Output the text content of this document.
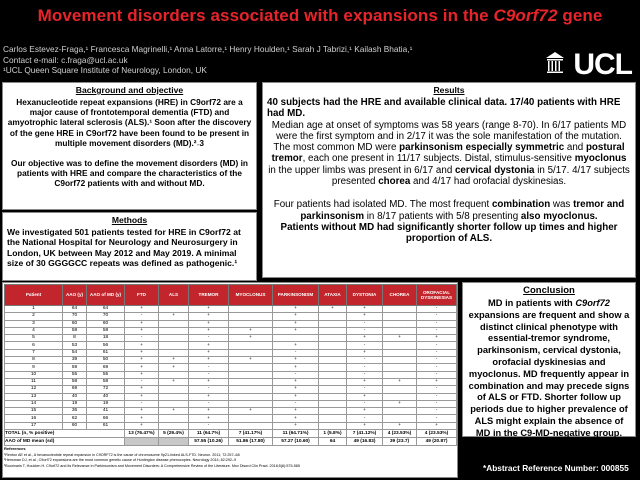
Movement disorders associated with expansions in the C9orf72 gene
Carlos Estevez-Fraga,¹ Francesca Magrinelli,¹ Anna Latorre,¹ Henry Houlden,¹ Sarah J Tabrizi,¹ Kailash Bhatia,¹
Contact e-mail: c.fraga@ucl.ac.uk
¹UCL Queen Square Institute of Neurology, London, UK	UCL
Background and objective

Hexanucleotide repeat expansions (HRE) in C9orf72 are a major cause of frontotemporal dementia (FTD) and amyotrophic lateral sclerosis (ALS).¹ Soon after the discovery of the gene HRE in C9orf72 have been found to be present in multiple movement disorders (MD).²˒3

Our objective was to define the movement disorders (MD) in patients with HRE and compare the characteristics of the C9orf72 patients with and without MD.

Methods

We investigated 501 patients tested for HRE in C9orf72 at the National Hospital for Neurology and Neurosurgery in London, UK between May 2012 and May 2019. A minimal size of 30 GGGGCC repeats was defined as pathogenic.¹

Results

40 subjects had the HRE and available clinical data. 17/40 patients with HRE had MD.

Median age at onset of symptoms was 58 years (range 8-70). In 6/17 patients MD were the first symptom and in 2/17 it was the sole manifestation of the mutation. The most common MD were parkinsonism especially symmetric and postural tremor, each one present in 11/17 subjects. Distal, stimulus-sensitive myoclonus in the upper limbs was present in 6/17 and cervical dystonia in 5/17. 4/17 subjects presented chorea and 4/17 had orofacial dyskinesias.

Four patients had isolated MD. The most frequent combination was tremor and parkinsonism in 8/17 patients with 5/8 presenting also myoclonus.

Patients without MD had significantly shorter follow up times and higher proportion of ALS.

Patient	AAO (y)	AAO of MD (y)	FTD	ALS	TREMOR	MYOCLONUS	PARKINSONISM	ATAXIA	DYSTONIA	CHOREA	OROFACIAL DYSKINESIAS
1	64	64	+		+		+	+	+		-
2	70	70	-	+	+		+		+		-
3	60	60	+		+		+		-		-
4	58	58	+		+	+	+		-		-
5	8	18	-		-	+			+	+	+
6	53	56	+		+		+		-		-
7	54	61	+		+		-		+		-
8	39	50	+	+	+	+	+		-		-
9	59	69	+	+	-		+		-		-
10	55	55	+		-		-		-		-
11	58	58	-	+	+		+		+	+	+
12	69	72	+		-		+		-		-
13	40	40	+		+		+		+		-
14	19	19	-		-		-		-	+	-
15	36	41	+	+	+	+	+		+		-
16	62	66	+		+		+		-		-
17	60	61	+		-		+		+	+	+
TOTAL (n, % positive)			13 (76.47%)	5 (29.4%)	11 (64.7%)	7 (41.17%)	11 (64.71%)	1 (5.8%)	7 (41.12%)	4 (23.53%)	4 (23.53%)
AAO of MD mean (sd)					57.55 (10.26)	51.86 (17.80)	57.27 (10.60)	64	49 (16.83)	39 (23.7)	49 (20.87)
References
¹Renton AE et al., A hexanucleotide repeat expansion in C9ORF72 is the cause of chromosome 9p21-linked ALS-FTD. Neuron. 2011; 72:257–68
²Hensman DJ, et al., C9orf72 expansions are the most common genetic cause of Huntington disease phenocopies. Neurology 2014; 82:292–9
³Bourinaris T, Houlden H. C9orf72 and its Relevance in Parkinsonism and Movement Disorders: A Comprehensive Review of the Literature. Mov Disord Clin Pract. 2018;5(6):575-585
Conclusion

MD in patients with C9orf72 expansions are frequent and show a distinct clinical phenotype with essential-tremor syndrome, parkinsonism, cervical dystonia, orofacial dyskinesias and myoclonus. MD frequently appear in combination and may precede signs of ALS or FTD. Shorter follow up periods due to higher prevalence of ALS might explain the absence of MD in the C9-MD-negative group.

*Abstract Reference Number: 000855
